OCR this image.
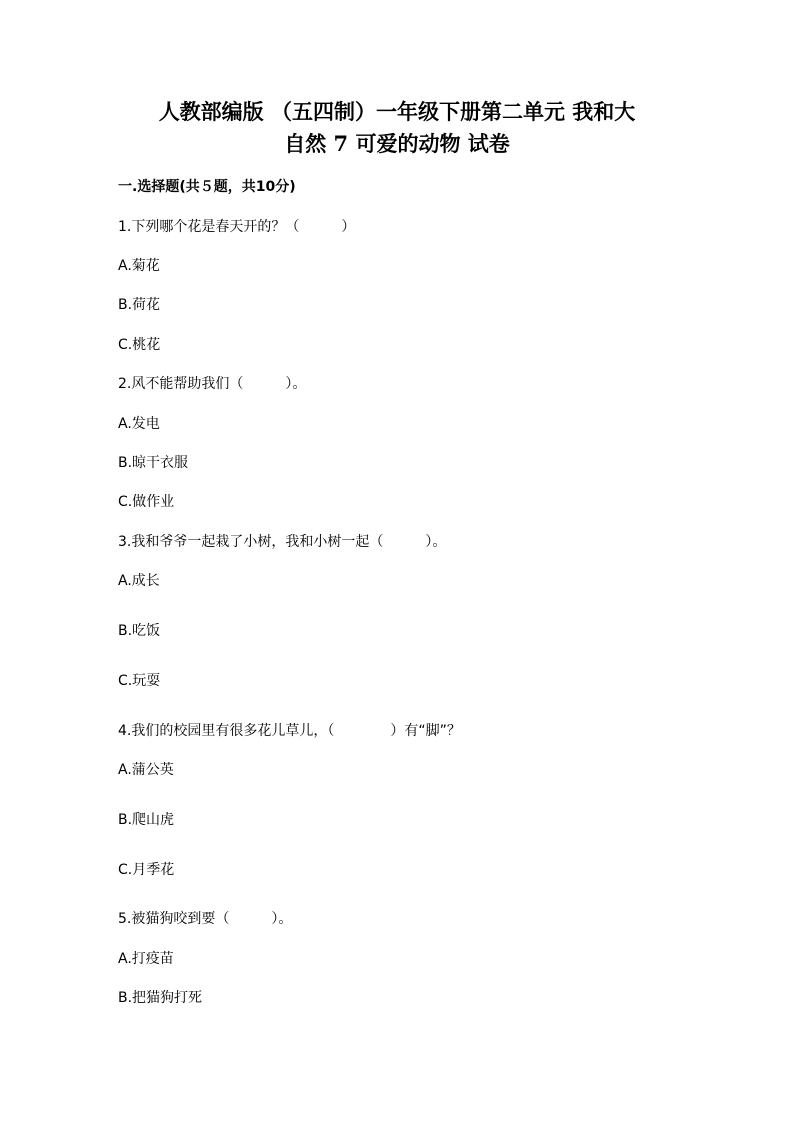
人教部编版 （五四制）一年级下册第二单元 我和大
自然 7 可爱的动物 试卷
一.选择题(共５题，共10分)
1.下列哪个花是春天开的？（　　　）
A.菊花
B.荷花
C.桃花
2.风不能帮助我们（　　　）。
A.发电
B.晾干衣服
C.做作业
3.我和爷爷一起栽了小树，我和小树一起（　　　）。
A.成长
B.吃饭
C.玩耍
4.我们的校园里有很多花儿草儿，（　　　　）有“脚”？
A.蒲公英
B.爬山虎
C.月季花
5.被猫狗咬到要（　　　）。
A.打疫苗
B.把猫狗打死
